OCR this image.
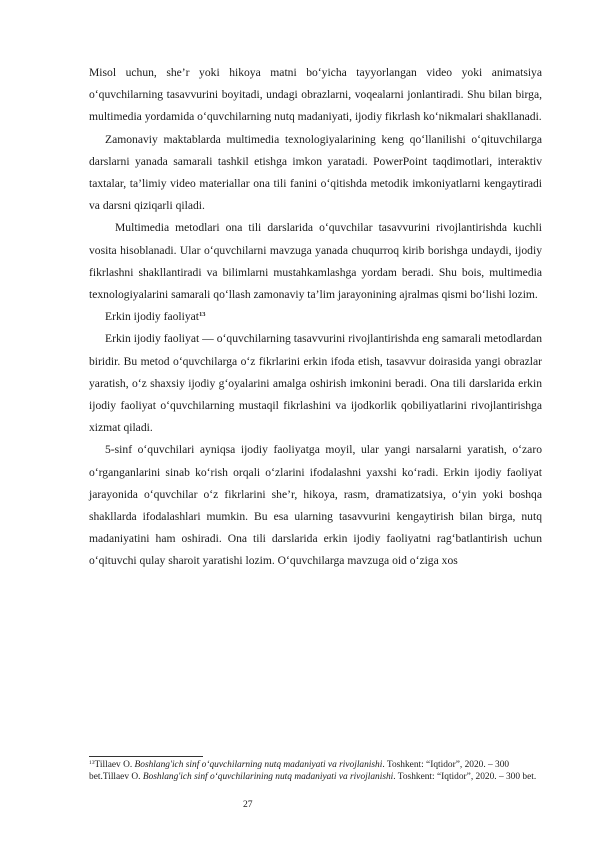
Misol uchun, she’r yoki hikoya matni bo‘yicha tayyorlangan video yoki animatsiya o‘quvchilarning tasavvurini boyitadi, undagi obrazlarni, voqealarni jonlantiradi. Shu bilan birga, multimedia yordamida o‘quvchilarning nutq madaniyati, ijodiy fikrlash ko‘nikmalari shakllanadi.

Zamonaviy maktablarda multimedia texnologiyalarining keng qo‘llanilishi o‘qituvchilarga darslarni yanada samarali tashkil etishga imkon yaratadi. PowerPoint taqdimotlari, interaktiv taxtalar, ta’limiy video materiallar ona tili fanini o‘qitishda metodik imkoniyatlarni kengaytiradi va darsni qiziqarli qiladi.

Multimedia metodlari ona tili darslarida o‘quvchilar tasavvurini rivojlantirishda kuchli vosita hisoblanadi. Ular o‘quvchilarni mavzuga yanada chuqurroq kirib borishga undaydi, ijodiy fikrlashni shakllantiradi va bilimlarni mustahkamlashga yordam beradi. Shu bois, multimedia texnologiyalarini samarali qo‘llash zamonaviy ta’lim jarayonining ajralmas qismi bo‘lishi lozim.

Erkin ijodiy faoliyat$^{13}$

Erkin ijodiy faoliyat — o‘quvchilarning tasavvurini rivojlantirishda eng samarali metodlardan biridir. Bu metod o‘quvchilarga o‘z fikrlarini erkin ifoda etish, tasavvur doirasida yangi obrazlar yaratish, o‘z shaxsiy ijodiy g‘oyalarini amalga oshirish imkonini beradi. Ona tili darslarida erkin ijodiy faoliyat o‘quvchilarning mustaqil fikrlashini va ijodkorlik qobiliyatlarini rivojlantirishga xizmat qiladi.

5-sinf o‘quvchilari ayniqsa ijodiy faoliyatga moyil, ular yangi narsalarni yaratish, o‘zaro o‘rganganlarini sinab ko‘rish orqali o‘zlarini ifodalashni yaxshi ko‘radi. Erkin ijodiy faoliyat jarayonida o‘quvchilar o‘z fikrlarini she’r, hikoya, rasm, dramatizatsiya, o‘yin yoki boshqa shakllarda ifodalashlari mumkin. Bu esa ularning tasavvurini kengaytirish bilan birga, nutq madaniyatini ham oshiradi. Ona tili darslarida erkin ijodiy faoliyatni rag‘batlantirish uchun o‘qituvchi qulay sharoit yaratishi lozim. O‘quvchilarga mavzuga oid o‘ziga xos

$^{13}$Tillaev O. Boshlang'ich sinf o‘quvchilarning nutq madaniyati va rivojlanishi. Toshkent: “Iqtidor”, 2020. – 300 bet.Tillaev O. Boshlang'ich sinf o‘quvchilarining nutq madaniyati va rivojlanishi. Toshkent: “Iqtidor”, 2020. – 300 bet.
27
